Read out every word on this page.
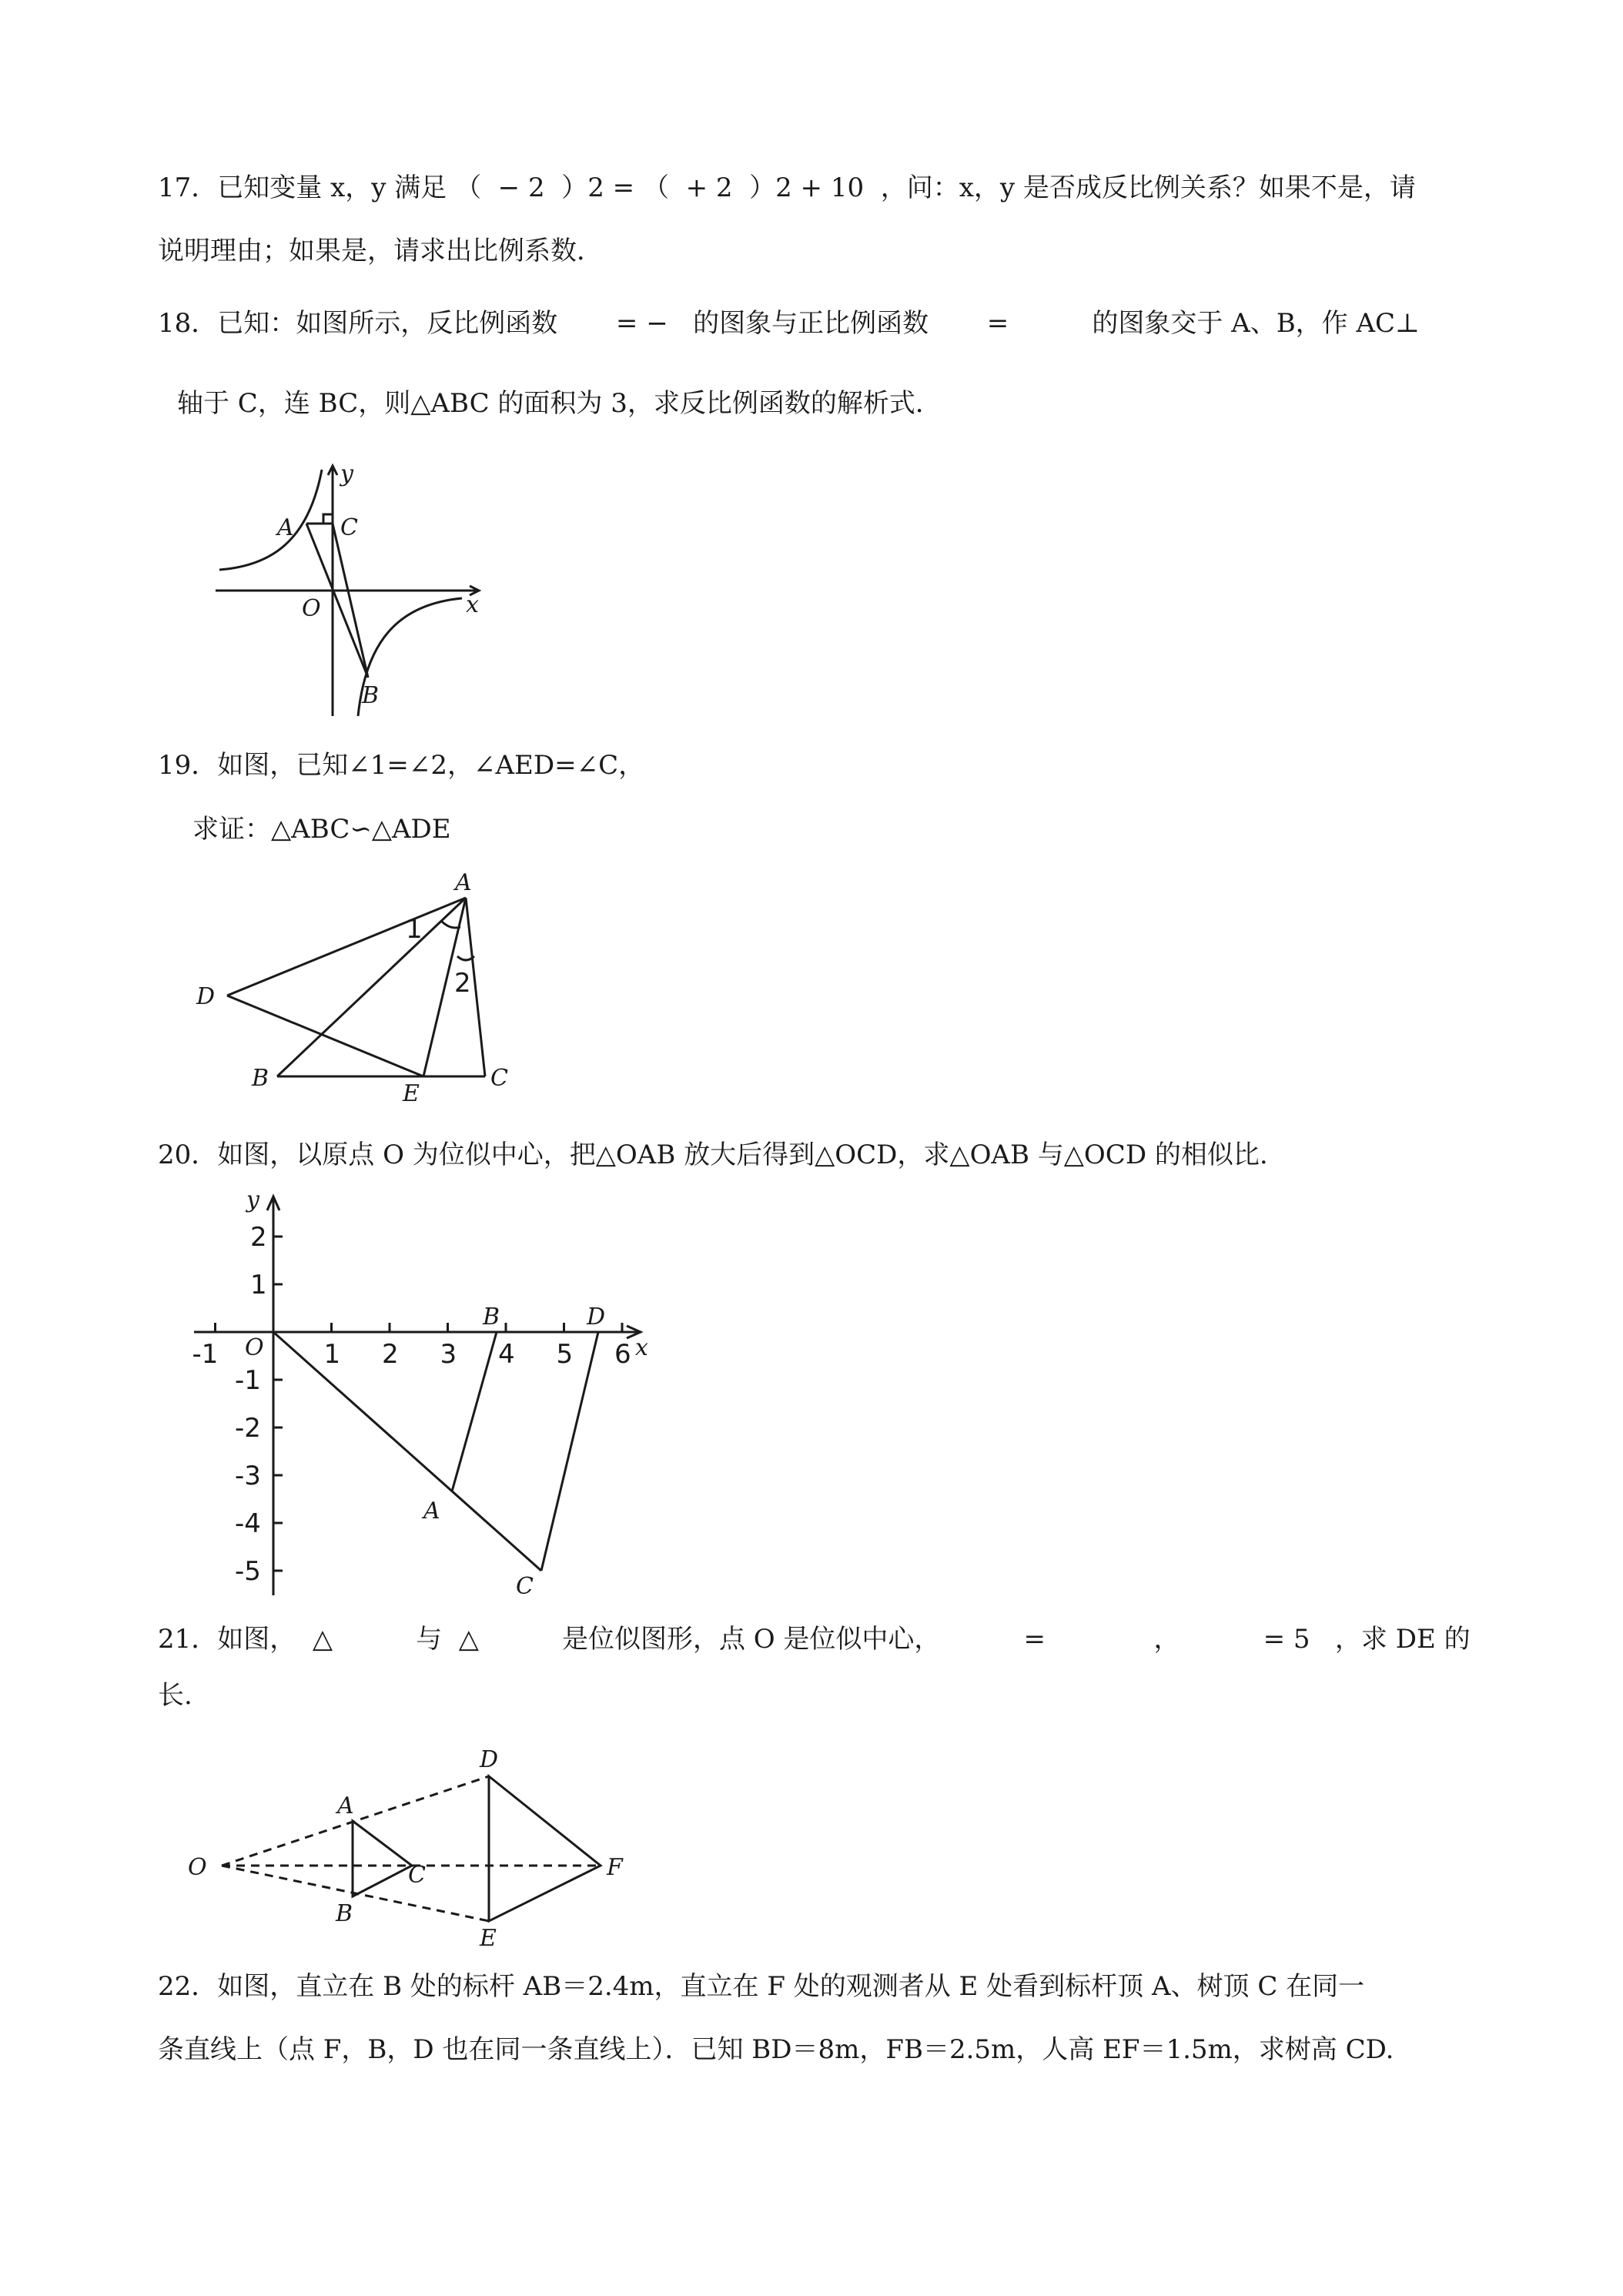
17．已知变量 x，y 满足 （  − 2  ）2 = （  + 2  ）2 + 10  ，问：x，y 是否成反比例关系？如果不是，请
说明理由；如果是，请求出比例系数．
18．已知：如图所示，反比例函数       = −   的图象与正比例函数       =          的图象交于 A、B，作 AC⊥
轴于 C，连 BC，则△ABC 的面积为 3，求反比例函数的解析式．
y
A C
O	x
B
19．如图，已知∠1=∠2，∠AED=∠C，
求证：△ABC∽△ADE
A
D
B
E
C
1
2
20．如图，以原点 O 为位似中心，把△OAB 放大后得到△OCD，求△OAB 与△OCD 的相似比.
-1	1 2 3 4 5 6
2
1
-1
-2
-3
-4
-5
y
x
O
B	D
A
C
21．如图，  △          与  △          是位似图形，点 O 是位似中心，          =             ，          = 5   ，求 DE 的
长.
O
A
B
C
D
E
F
22．如图，直立在 B 处的标杆 AB＝2.4m，直立在 F 处的观测者从 E 处看到标杆顶 A、树顶 C 在同一
条直线上（点 F，B，D 也在同一条直线上）．已知 BD＝8m，FB＝2.5m，人高 EF＝1.5m，求树高 CD.
